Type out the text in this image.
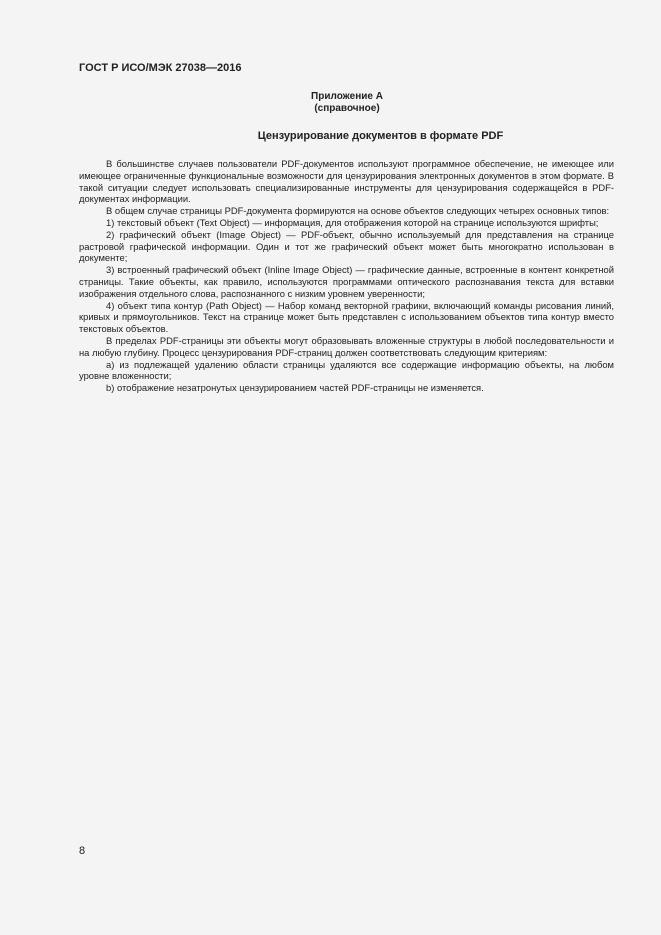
ГОСТ Р ИСО/МЭК 27038—2016
Приложение А
(справочное)
Цензурирование документов в формате PDF

В большинстве случаев пользователи PDF-документов используют программное обеспечение, не имеющее или имеющее ограниченные функциональные возможности для цензурирования электронных документов в этом формате. В такой ситуации следует использовать специализированные инструменты для цензурирования содержащейся в PDF-документах информации.

В общем случае страницы PDF-документа формируются на основе объектов следующих четырех основных типов:

1) текстовый объект (Text Object) — информация, для отображения которой на странице используются шрифты;

2) графический объект (Image Object) — PDF-объект, обычно используемый для представления на странице растровой графической информации. Один и тот же графический объект может быть многократно использован в документе;

3) встроенный графический объект (Inline Image Object) — графические данные, встроенные в контент конкретной страницы. Такие объекты, как правило, используются программами оптического распознавания текста для вставки изображения отдельного слова, распознанного с низким уровнем уверенности;

4) объект типа контур (Path Object) — Набор команд векторной графики, включающий команды рисования линий, кривых и прямоугольников. Текст на странице может быть представлен с использованием объектов типа контур вместо текстовых объектов.

В пределах PDF-страницы эти объекты могут образовывать вложенные структуры в любой последовательности и на любую глубину. Процесс цензурирования PDF-страниц должен соответствовать следующим критериям:

а) из подлежащей удалению области страницы удаляются все содержащие информацию объекты, на любом уровне вложенности;

b) отображение незатронутых цензурированием частей PDF-страницы не изменяется.

8
